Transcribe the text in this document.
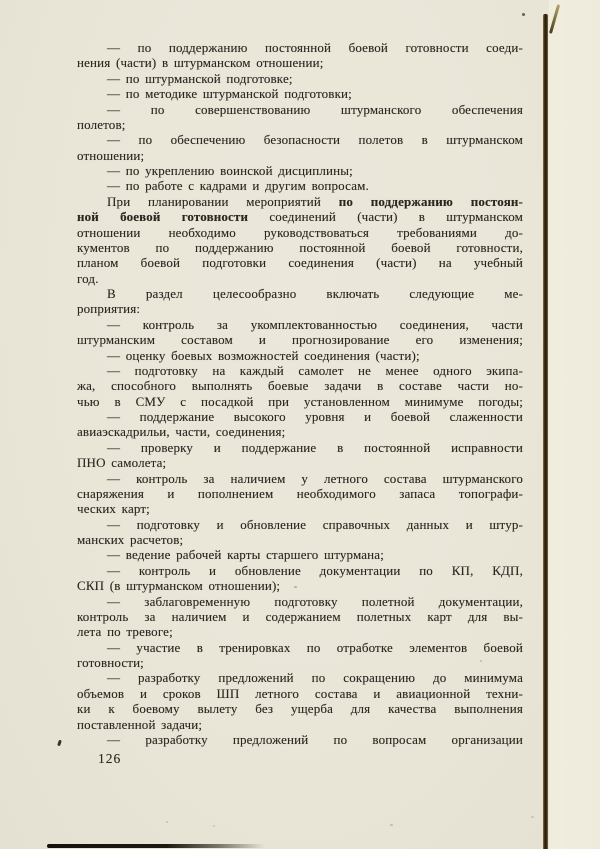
— по поддержанию постоянной боевой готовности соеди-
нения (части) в штурманском отношении;
— по штурманской подготовке;
— по методике штурманской подготовки;
— по совершенствованию штурманского обеспечения
полетов;
— по обеспечению безопасности полетов в штурманском
отношении;
— по укреплению воинской дисциплины;
— по работе с кадрами и другим вопросам.
При планировании мероприятий по поддержанию постоян-
ной боевой готовности соединений (части) в штурманском
отношении необходимо руководствоваться требованиями до-
кументов по поддержанию постоянной боевой готовности,
планом боевой подготовки соединения (части) на учебный
год.
В раздел целесообразно включать следующие ме-
роприятия:
— контроль за укомплектованностью соединения, части
штурманским составом и прогнозирование его изменения;
— оценку боевых возможностей соединения (части);
— подготовку на каждый самолет не менее одного экипа-
жа, способного выполнять боевые задачи в составе части но-
чью в СМУ с посадкой при установленном минимуме погоды;
— поддержание высокого уровня и боевой слаженности
авиаэскадрильи, части, соединения;
— проверку и поддержание в постоянной исправности
ПНО самолета;
— контроль за наличием у летного состава штурманского
снаряжения и пополнением необходимого запаса топографи-
ческих карт;
— подготовку и обновление справочных данных и штур-
манских расчетов;
— ведение рабочей карты старшего штурмана;
— контроль и обновление документации по КП, КДП,
СКП (в штурманском отношении);
— заблаговременную подготовку полетной документации,
контроль за наличием и содержанием полетных карт для вы-
лета по тревоге;
— участие в тренировках по отработке элементов боевой
готовности;
— разработку предложений по сокращению до минимума
объемов и сроков ШП летного состава и авиационной техни-
ки к боевому вылету без ущерба для качества выполнения
поставленной задачи;
— разработку предложений по вопросам организации
126
